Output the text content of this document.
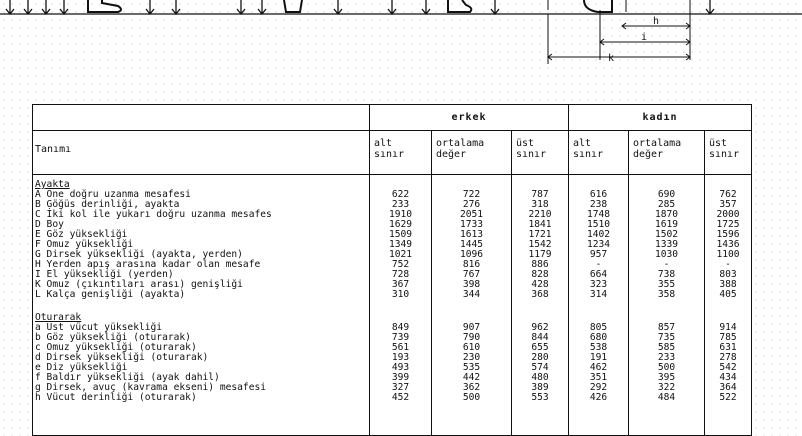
h
i
k
erkek	kadın
Tanımı
alt
sınır
ortalama
değer
üst
sınır
alt
sınır
ortalama
değer
üst
sınır
Ayakta
A Öne doğru uzanma mesafesi
B Göğüs derinliği, ayakta
C İki kol ile yukarı doğru uzanma mesafes
D Boy
E Göz yüksekliği
F Omuz yüksekliği
G Dirsek yüksekliği (ayakta, yerden)
H Yerden apış arasına kadar olan mesafe
I El yüksekliği (yerden)
K Omuz (çıkıntıları arası) genişliği
L Kalça genişliği (ayakta)
Oturarak
a Üst vücut yüksekliği
b Göz yüksekliği (oturarak)
c Omuz yüksekliği (oturarak)
d Dirsek yüksekliği (oturarak)
e Diz yüksekliği
f Baldır yüksekliği (ayak dahil)
g Dirsek, avuç (kavrama ekseni) mesafesi
h Vücut derinliği (oturarak)
622
233
1910
1629
1509
1349
1021
752
728
367
310
849
739
561
193
493
399
327
452
722
276
2051
1733
1613
1445
1096
816
767
398
344
907
790
610
230
535
442
362
500
787
318
2210
1841
1721
1542
1179
886
828
428
368
962
844
655
280
574
480
389
553
616
238
1748
1510
1402
1234
957
-
664
323
314
805
680
538
191
462
351
292
426
690
285
1870
1619
1502
1339
1030
-
738
355
358
857
735
585
233
500
395
322
484
762
357
2000
1725
1596
1436
1100
-
803
388
405
914
785
631
278
542
434
364
522
